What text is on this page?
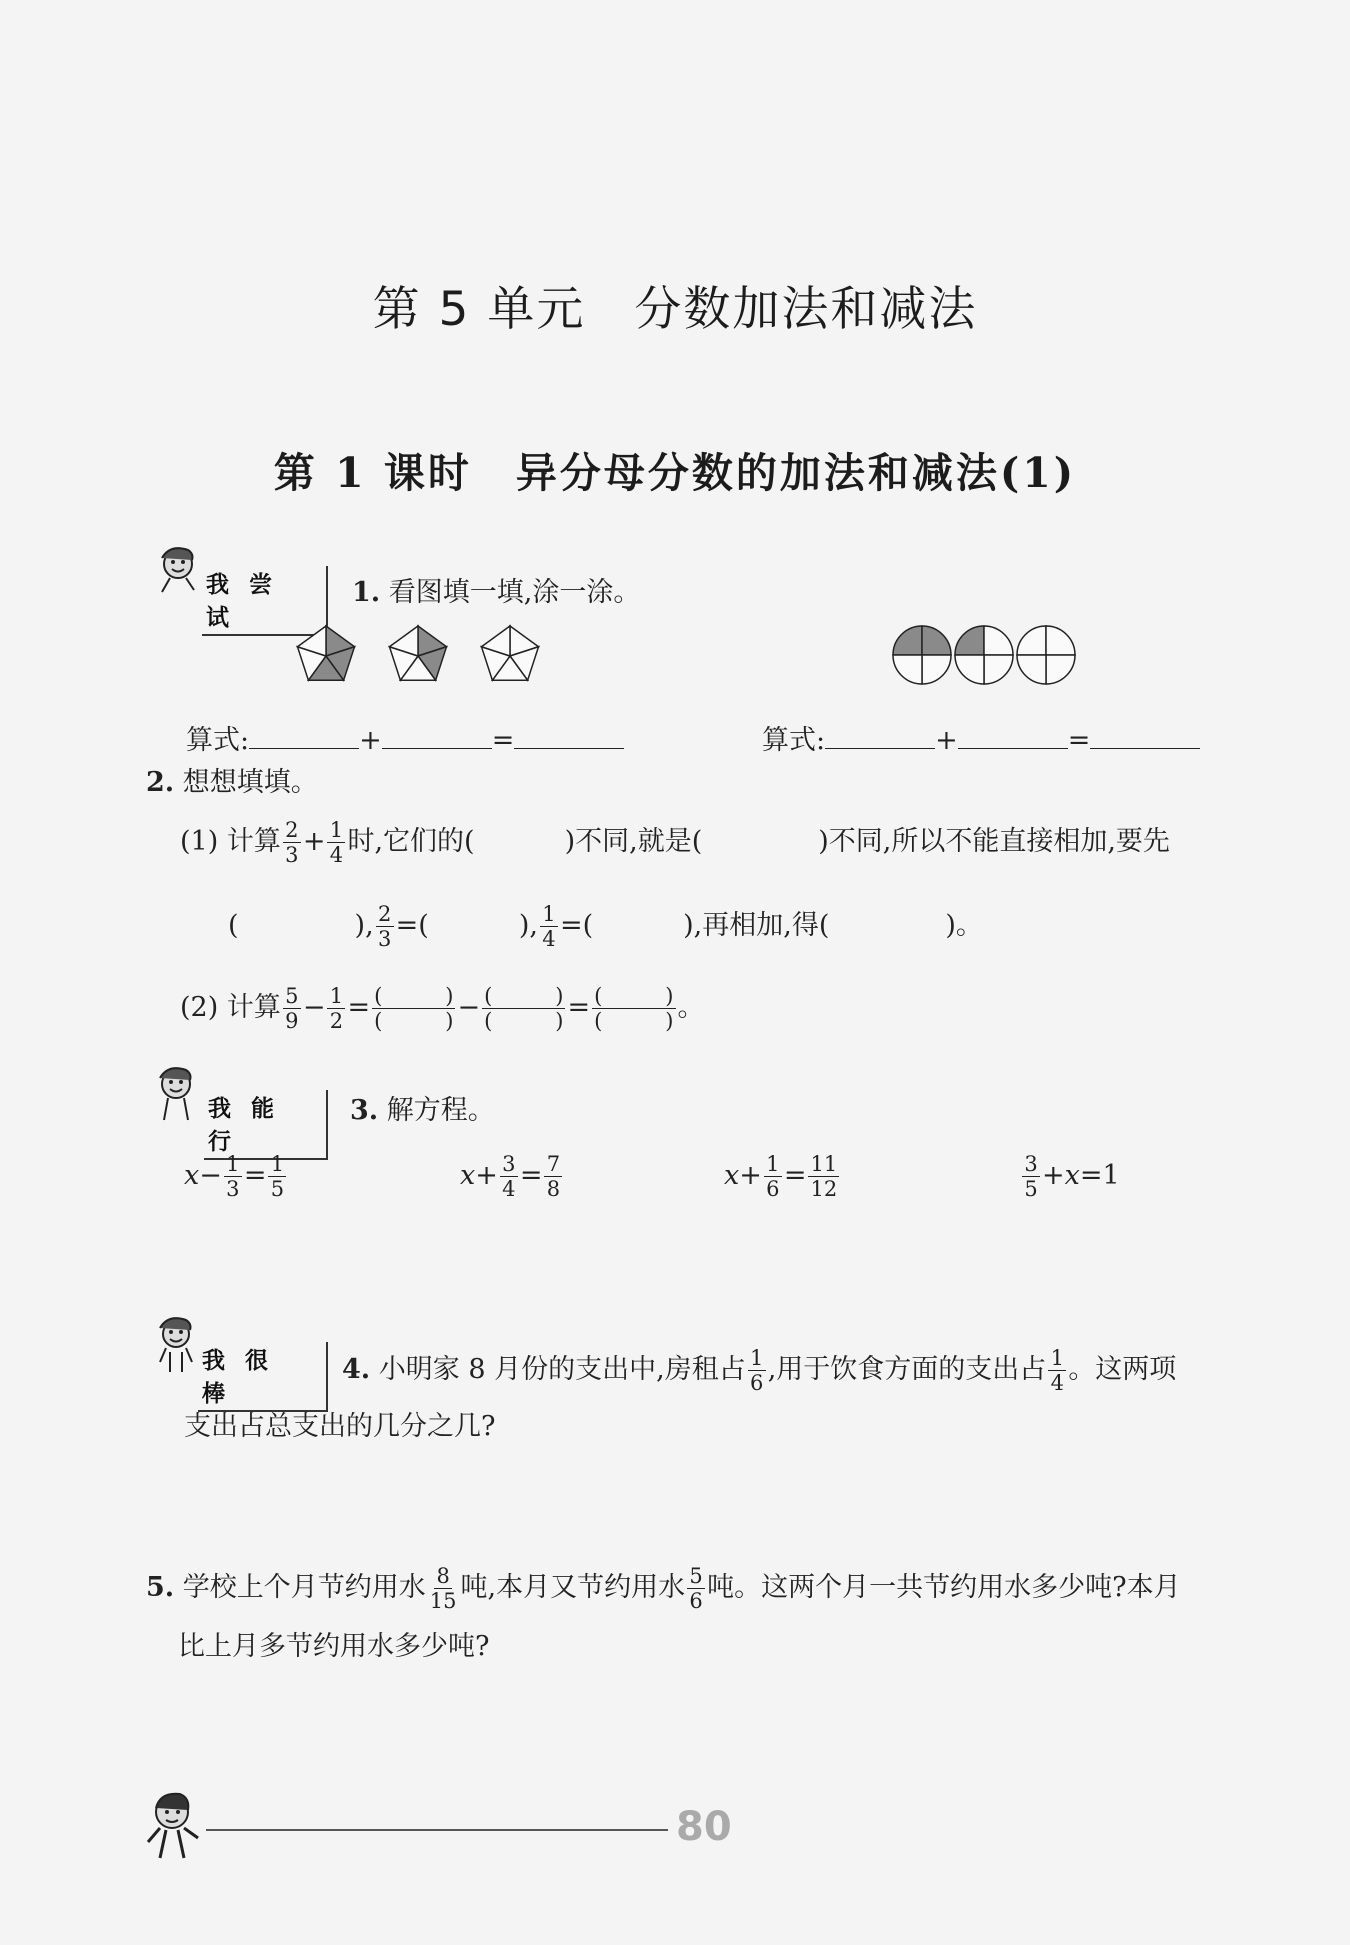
第 5 单元　分数加法和减法
第 1 课时　异分母分数的加法和减法(1)
我 尝 试
1. 看图填一填,涂一涂。
算式:	+	=	算式:	+	=
2. 想想填填。
(1) 计算 $\frac{2}{3} + \frac{1}{4}$ 时,它们的(	)不同,就是(	)不同,所以不能直接相加,要先
(	), $\frac{2}{3}$ =(	), $\frac{1}{4}$ =(	),再相加,得(	)。
(2) 计算 $\frac{5}{9} - \frac{1}{2} = \frac{( )}{( )} - \frac{( )}{( )} = \frac{( )}{( )}$ 。
我 能 行
3. 解方程。
$x- \frac{1}{3} = \frac{1}{5}$	$x+ \frac{3}{4} = \frac{7}{8}$	$x+ \frac{1}{6} = \frac{11}{12}$	$\frac{3}{5} +x=1$
我 很 棒
4. 小明家 8 月份的支出中,房租占 $\frac{1}{6}$ ,用于饮食方面的支出占 $\frac{1}{4}$ 。这两项
支出占总支出的几分之几?
5. 学校上个月节约用水 $\frac{8}{15}$ 吨,本月又节约用水 $\frac{5}{6}$ 吨。这两个月一共节约用水多少吨?本月
比上月多节约用水多少吨?
80
